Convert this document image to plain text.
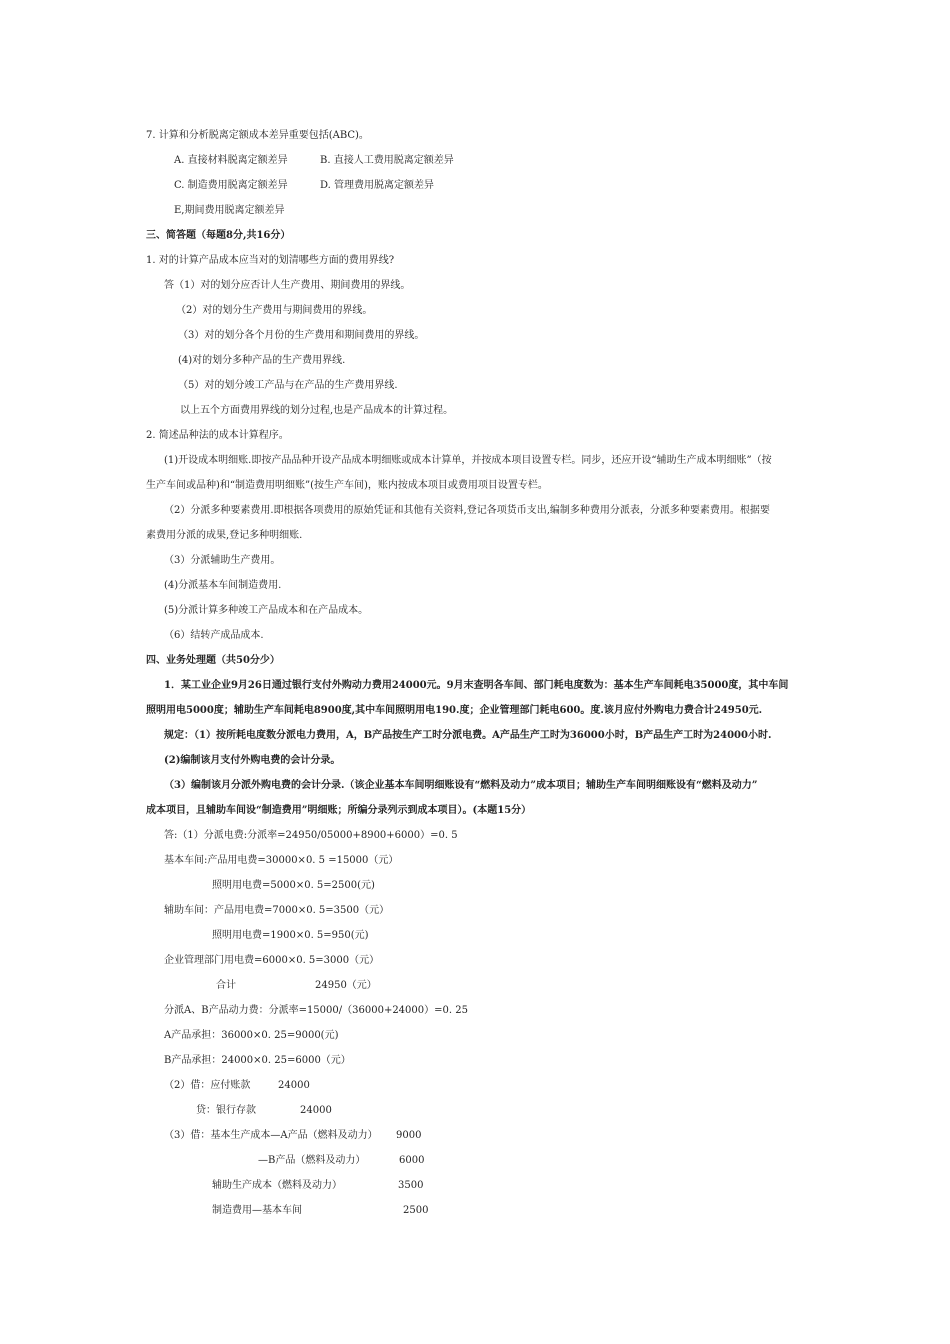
7. 计算和分析脱离定额成本差异重要包括(ABC)。
A. 直接材料脱离定额差异	B. 直接人工费用脱离定额差异
C. 制造费用脱离定额差异	D. 管理费用脱离定额差异
E,期间费用脱离定额差异
三、简答题（每题8分,共16分）
1. 对的计算产品成本应当对的划清哪些方面的费用界线?
答（1）对的划分应否计人生产费用、期间费用的界线。
（2）对的划分生产费用与期间费用的界线。
（3）对的划分各个月份的生产费用和期间费用的界线。
(4)对的划分多种产品的生产费用界线.
（5）对的划分竣工产品与在产品的生产费用界线.
以上五个方面费用界线的划分过程,也是产品成本的计算过程。
2. 简述品种法的成本计算程序。
(1)开设成本明细账.即按产品品种开设产品成本明细账或成本计算单，并按成本项目设置专栏。同步，还应开设“辅助生产成本明细账”（按
生产车间或品种)和“制造费用明细账”(按生产车间)，账内按成本项目或费用项目设置专栏。
（2）分派多种要素费用.即根据各项费用的原始凭证和其他有关资料,登记各项货币支出,编制多种费用分派表，分派多种要素费用。根据要
素费用分派的成果,登记多种明细账.
（3）分派辅助生产费用。
(4)分派基本车间制造费用.
(5)分派计算多种竣工产品成本和在产品成本。
（6）结转产成品成本.
四、业务处理题（共50分少）
1．某工业企业9月26日通过银行支付外购动力费用24000元。9月末查明各车间、部门耗电度数为：基本生产车间耗电35000度，其中车间
照明用电5000度；辅助生产车间耗电8900度,其中车间照明用电190.度；企业管理部门耗电600。度.该月应付外购电力费合计24950元.
规定：（1）按所耗电度数分派电力费用，A，B产品按生产工时分派电费。A产品生产工时为36000小时，B产品生产工时为24000小时.
(2)编制该月支付外购电费的会计分录。
（3）编制该月分派外购电费的会计分录.（该企业基本车间明细账设有“燃料及动力”成本项目；辅助生产车间明细账设有“燃料及动力”
成本项目，且辅助车间设“制造费用”明细账；所编分录列示到成本项目）。(本题15分）
答:（1）分派电费:分派率=24950/05000+8900+6000）=0. 5
基本车间:产品用电费=30000×0. 5 =15000（元）
照明用电费=5000×0. 5=2500(元)
辅助车间：产品用电费=7000×0. 5=3500（元）
照明用电费=1900×0. 5=950(元)
企业管理部门用电费=6000×0. 5=3000（元）
合计	24950（元）
分派A、B产品动力费：分派率=15000/（36000+24000）=0. 25
A产品承担：36000×0. 25=9000(元)
B产品承担：24000×0. 25=6000（元）
（2）借：应付账款	24000
贷：银行存款	24000
（3）借：基本生产成本—A产品（燃料及动力） 9000
—B产品（燃料及动力）	6000
辅助生产成本（燃料及动力）	3500
制造费用—基本车间	2500
